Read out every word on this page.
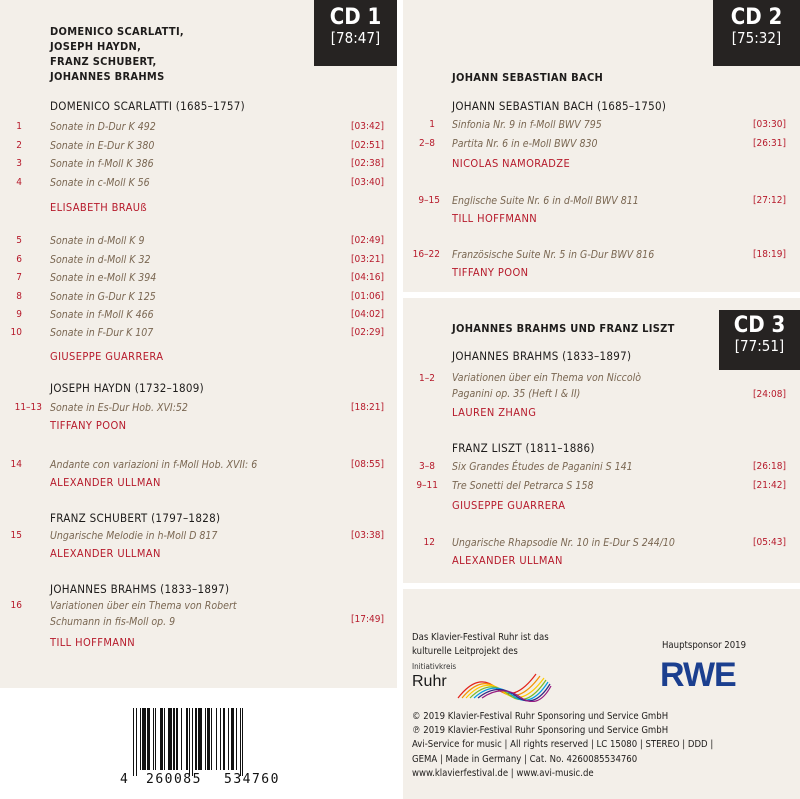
CD 1
[78:47]
DOMENICO SCARLATTI,
JOSEPH HAYDN,
FRANZ SCHUBERT,
JOHANNES BRAHMS
DOMENICO SCARLATTI (1685–1757)
1	Sonate in D-Dur K 492	[03:42]
2	Sonate in E-Dur K 380	[02:51]
3	Sonate in f-Moll K 386	[02:38]
4	Sonate in c-Moll K 56	[03:40]
ELISABETH BRAUß
5	Sonate in d-Moll K 9	[02:49]
6	Sonate in d-Moll K 32	[03:21]
7	Sonate in e-Moll K 394	[04:16]
8	Sonate in G-Dur K 125	[01:06]
9	Sonate in f-Moll K 466	[04:02]
10	Sonate in F-Dur K 107	[02:29]
GIUSEPPE GUARRERA
JOSEPH HAYDN (1732–1809)
11–13 Sonate in Es-Dur Hob. XVI:52	[18:21]
TIFFANY POON
14	Andante con variazioni in f-Moll Hob. XVII: 6	[08:55]
ALEXANDER ULLMAN
FRANZ SCHUBERT (1797–1828)
15	Ungarische Melodie in h-Moll D 817	[03:38]
ALEXANDER ULLMAN
JOHANNES BRAHMS (1833–1897)
16	Variationen über ein Thema von Robert Schumann in fis-Moll op. 9	[17:49]
TILL HOFFMANN
4 260085 534760
CD 2
[75:32]
JOHANN SEBASTIAN BACH
JOHANN SEBASTIAN BACH (1685–1750)
1 Sinfonia Nr. 9 in f-Moll BWV 795	[03:30]
2–8 Partita Nr. 6 in e-Moll BWV 830	[26:31]
NICOLAS NAMORADZE
9–15 Englische Suite Nr. 6 in d-Moll BWV 811	[27:12]
TILL HOFFMANN
16–22 Französische Suite Nr. 5 in G-Dur BWV 816	[18:19]
TIFFANY POON
CD 3
[77:51]
JOHANNES BRAHMS UND FRANZ LISZT
JOHANNES BRAHMS (1833–1897)
1–2 Variationen über ein Thema von Niccolò Paganini op. 35 (Heft I & II)	[24:08]
LAUREN ZHANG
FRANZ LISZT (1811–1886)
3–8 Six Grandes Études de Paganini S 141	[26:18]
9–11 Tre Sonetti del Petrarca S 158	[21:42]
GIUSEPPE GUARRERA
12 Ungarische Rhapsodie Nr. 10 in E-Dur S 244/10	[05:43]
ALEXANDER ULLMAN
Das Klavier-Festival Ruhr ist das
kulturelle Leitprojekt des
Hauptsponsor 2019
Initiativkreis
Ruhr	RWE
© 2019 Klavier-Festival Ruhr Sponsoring und Service GmbH
℗ 2019 Klavier-Festival Ruhr Sponsoring und Service GmbH
Avi-Service for music | All rights reserved | LC 15080 | STEREO | DDD |
GEMA | Made in Germany | Cat. No. 4260085534760
www.klavierfestival.de | www.avi-music.de
